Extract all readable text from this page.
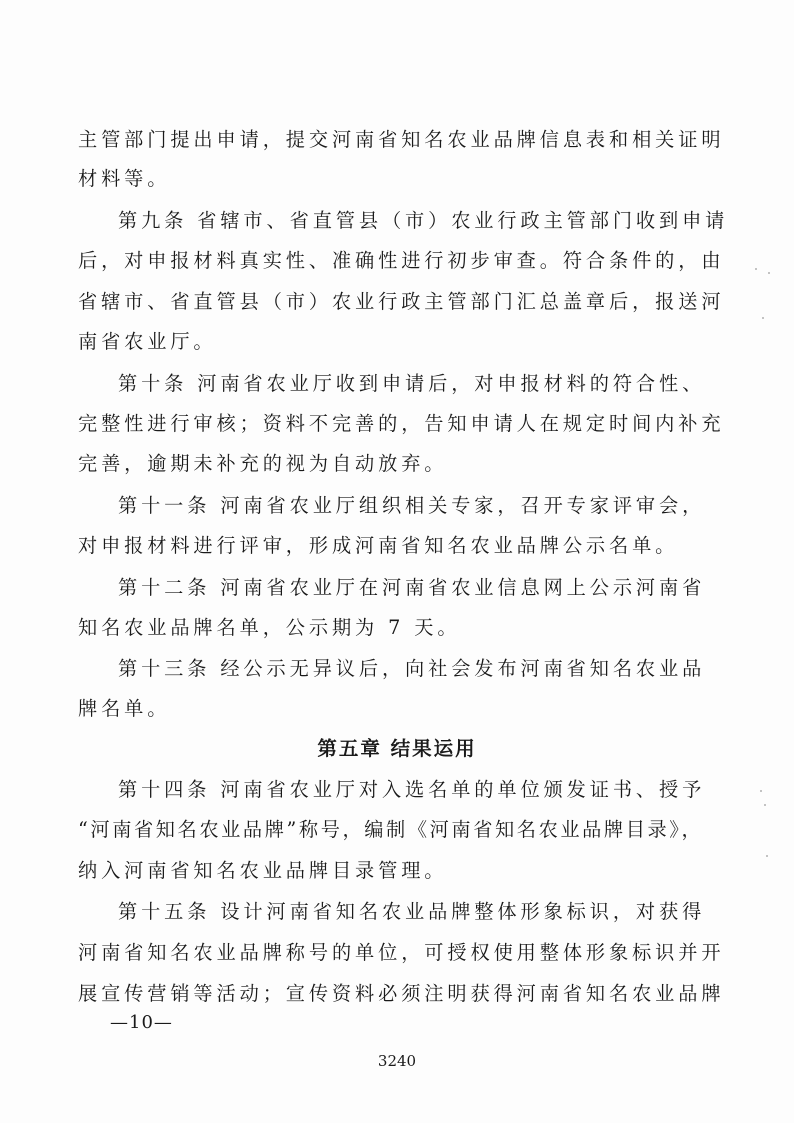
主管部门提出申请，提交河南省知名农业品牌信息表和相关证明
材料等。
第九条 省辖市、省直管县（市）农业行政主管部门收到申请
后，对申报材料真实性、准确性进行初步审查。符合条件的，由
省辖市、省直管县（市）农业行政主管部门汇总盖章后，报送河
南省农业厅。
第十条 河南省农业厅收到申请后，对申报材料的符合性、
完整性进行审核；资料不完善的，告知申请人在规定时间内补充
完善，逾期未补充的视为自动放弃。
第十一条 河南省农业厅组织相关专家，召开专家评审会，
对申报材料进行评审，形成河南省知名农业品牌公示名单。
第十二条 河南省农业厅在河南省农业信息网上公示河南省
知名农业品牌名单，公示期为 7 天。
第十三条 经公示无异议后，向社会发布河南省知名农业品
牌名单。
第五章 结果运用
第十四条 河南省农业厅对入选名单的单位颁发证书、授予
“河南省知名农业品牌”称号，编制《河南省知名农业品牌目录》，
纳入河南省知名农业品牌目录管理。
第十五条 设计河南省知名农业品牌整体形象标识，对获得
河南省知名农业品牌称号的单位，可授权使用整体形象标识并开
展宣传营销等活动；宣传资料必须注明获得河南省知名农业品牌
—10—
3240
